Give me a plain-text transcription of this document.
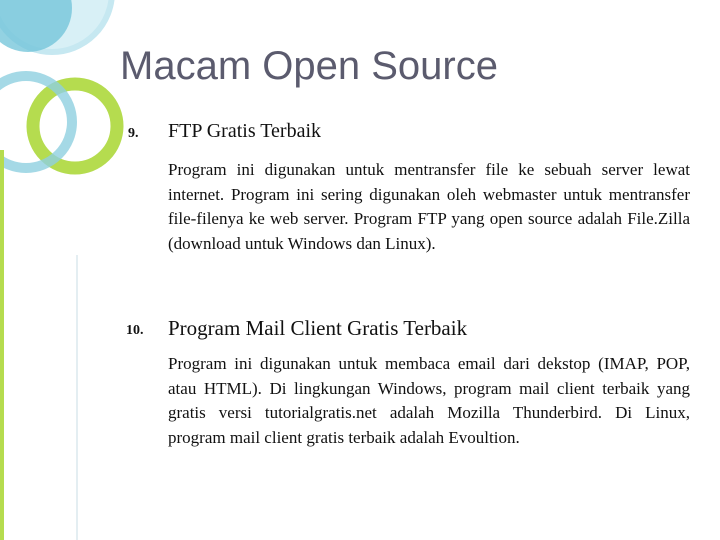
Macam Open Source
9. FTP Gratis Terbaik
Program ini digunakan untuk mentransfer file ke sebuah server lewat internet. Program ini sering digunakan oleh webmaster untuk mentransfer file-filenya ke web server. Program FTP yang open source adalah File.Zilla (download untuk Windows dan Linux).
10. Program Mail Client Gratis Terbaik
Program ini digunakan untuk membaca email dari dekstop (IMAP, POP, atau HTML). Di lingkungan Windows, program mail client terbaik yang gratis versi tutorialgratis.net adalah Mozilla Thunderbird. Di Linux, program mail client gratis terbaik adalah Evoultion.
